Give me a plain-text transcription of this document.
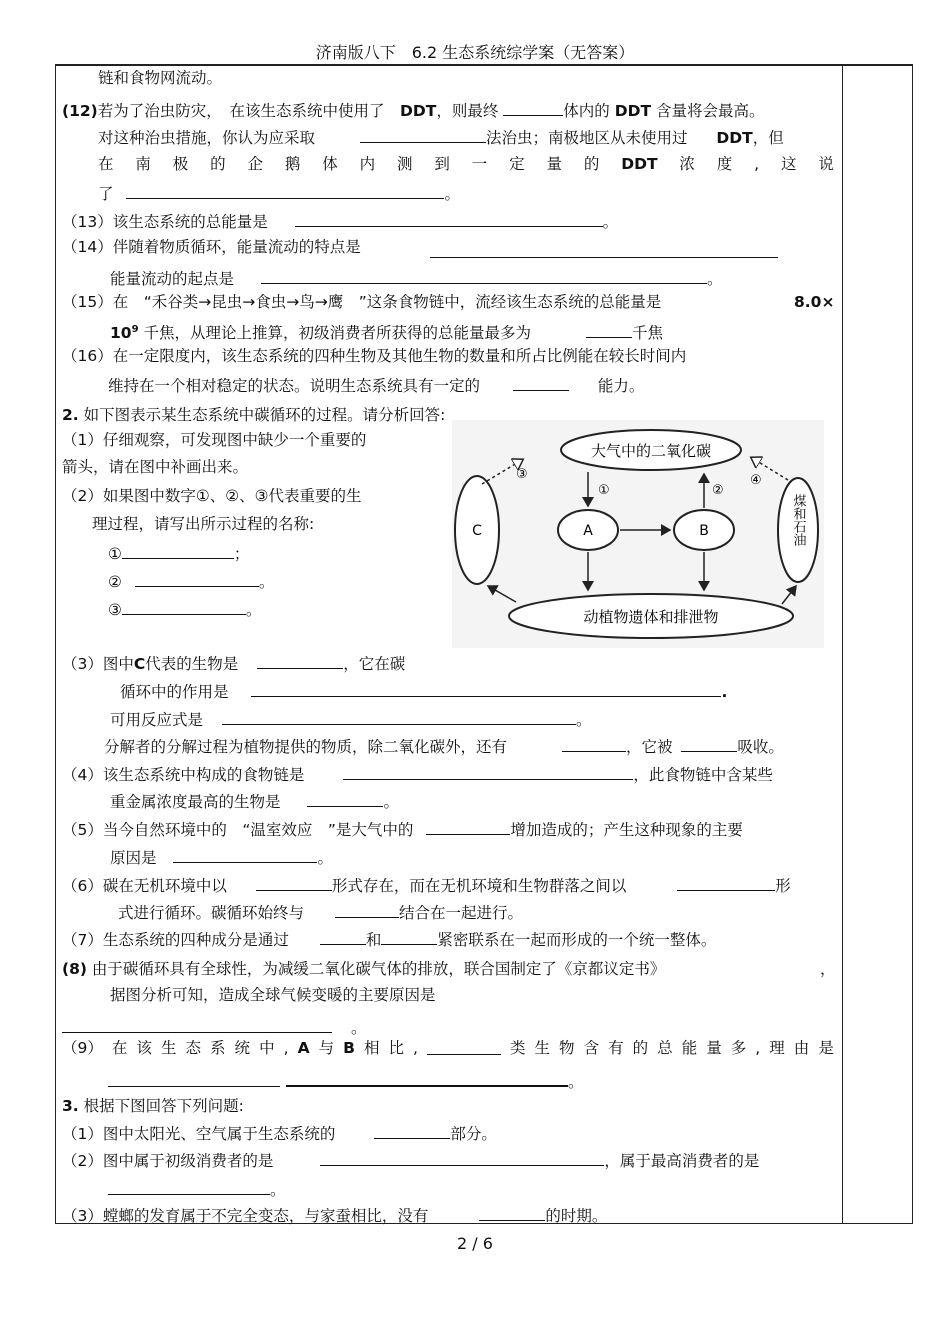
济南版八下　6.2 生态系统综学案（无答案）
链和食物网流动。
(12)若为了治虫防灾，　在该生态系统中使用了　DDT，则最终	体内的 DDT 含量将会最高。
对这种治虫措施，你认为应采取	法治虫；南极地区从未使用过 DDT，但
在 南 极 的 企 鹅 体 内 测 到 一 定 量 的 DDT 浓 度 , 这 说
了	。
（13）该生态系统的总能量是	。
（14）伴随着物质循环，能量流动的特点是
能量流动的起点是	。
（15）在　“禾谷类→昆虫→食虫→鸟→鹰　”这条食物链中，流经该生态系统的总能量是	8.0×
$10^9$ 千焦，从理论上推算，初级消费者所获得的总能量最多为	千焦
（16）在一定限度内，该生态系统的四种生物及其他生物的数量和所占比例能在较长时间内
维持在一个相对稳定的状态。说明生态系统具有一定的	能力。
2. 如下图表示某生态系统中碳循环的过程。请分析回答:
（1）仔细观察，可发现图中缺少一个重要的
箭头，请在图中补画出来。
（2）如果图中数字①、②、③代表重要的生
理过程，请写出所示过程的名称:
①	；
②	。
③	。
大气中的二氧化碳
A	B
C	煤和石油
动植物遗体和排泄物
①	②
③	④
（3）图中C代表的生物是	，它在碳
循环中的作用是	.
可用反应式是	。
分解者的分解过程为植物提供的物质，除二氧化碳外，还有	，它被	吸收。
（4）该生态系统中构成的食物链是	，此食物链中含某些
重金属浓度最高的生物是	。
（5）当今自然环境中的　“温室效应　”是大气中的	增加造成的；产生这种现象的主要
原因是	。
（6）碳在无机环境中以	形式存在，而在无机环境和生物群落之间以	形
式进行循环。碳循环始终与	结合在一起进行。
（7）生态系统的四种成分是通过	和	紧密联系在一起而形成的一个统一整体。
(8) 由于碳循环具有全球性，为减缓二氧化碳气体的排放，联合国制定了《京都议定书》	，
据图分析可知，造成全球气候变暖的主要原因是
。
（9） 在 该 生 态 系 统 中 , A 与 B 相 比 ,	类 生 物 含 有 的 总 能 量 多 , 理 由 是
。
3. 根据下图回答下列问题:
（1）图中太阳光、空气属于生态系统的	部分。
（2）图中属于初级消费者的是	，属于最高消费者的是
。
（3）螳螂的发育属于不完全变态，与家蚕相比，没有	的时期。
2 / 6
